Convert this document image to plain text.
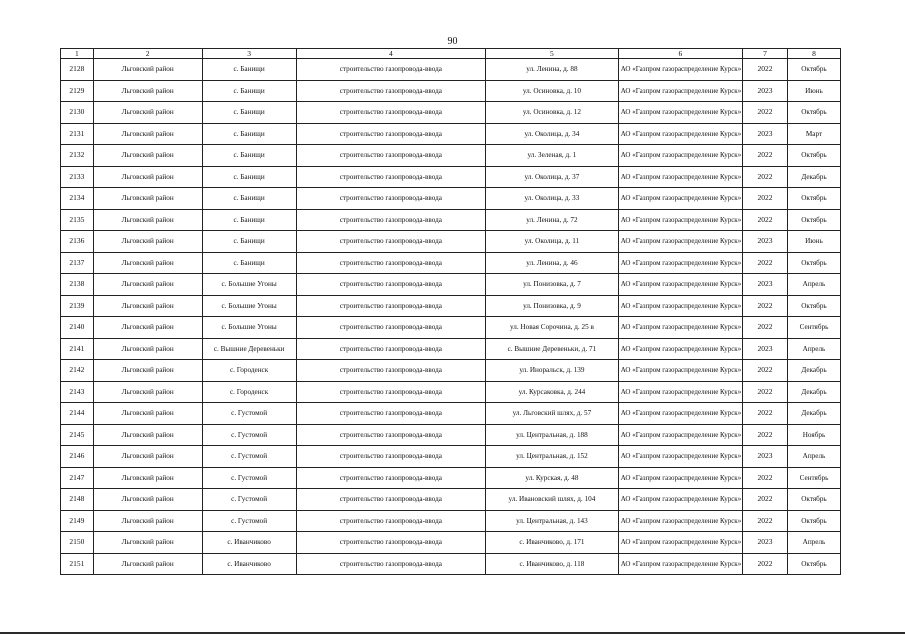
90
1	2	3	4	5	6	7	8
2128	Льговский район	с. Банищи	строительство газопровода-ввода	ул. Ленина, д. 88	АО «Газпром газораспределение Курск»	2022	Октябрь
2129	Льговский район	с. Банищи	строительство газопровода-ввода	ул. Осиновка, д. 10	АО «Газпром газораспределение Курск»	2023	Июнь
2130	Льговский район	с. Банищи	строительство газопровода-ввода	ул. Осиновка, д. 12	АО «Газпром газораспределение Курск»	2022	Октябрь
2131	Льговский район	с. Банищи	строительство газопровода-ввода	ул. Околица, д. 34	АО «Газпром газораспределение Курск»	2023	Март
2132	Льговский район	с. Банищи	строительство газопровода-ввода	ул. Зеленая, д. 1	АО «Газпром газораспределение Курск»	2022	Октябрь
2133	Льговский район	с. Банищи	строительство газопровода-ввода	ул. Околица, д. 37	АО «Газпром газораспределение Курск»	2022	Декабрь
2134	Льговский район	с. Банищи	строительство газопровода-ввода	ул. Околица, д. 33	АО «Газпром газораспределение Курск»	2022	Октябрь
2135	Льговский район	с. Банищи	строительство газопровода-ввода	ул. Ленина, д. 72	АО «Газпром газораспределение Курск»	2022	Октябрь
2136	Льговский район	с. Банищи	строительство газопровода-ввода	ул. Околица, д. 11	АО «Газпром газораспределение Курск»	2023	Июнь
2137	Льговский район	с. Банищи	строительство газопровода-ввода	ул. Ленина, д. 46	АО «Газпром газораспределение Курск»	2022	Октябрь
2138	Льговский район	с. Большие Угоны	строительство газопровода-ввода	ул. Понизовка, д. 7	АО «Газпром газораспределение Курск»	2023	Апрель
2139	Льговский район	с. Большие Угоны	строительство газопровода-ввода	ул. Понизовка, д. 9	АО «Газпром газораспределение Курск»	2022	Октябрь
2140	Льговский район	с. Большие Угоны	строительство газопровода-ввода	ул. Новая Сорочина, д. 25 в	АО «Газпром газораспределение Курск»	2022	Сентябрь
2141	Льговский район	с. Вышние Деревеньки	строительство газопровода-ввода	с. Вышние Деревеньки, д. 71	АО «Газпром газораспределение Курск»	2023	Апрель
2142	Льговский район	с. Городенск	строительство газопровода-ввода	ул. Иноральск, д. 139	АО «Газпром газораспределение Курск»	2022	Декабрь
2143	Льговский район	с. Городенск	строительство газопровода-ввода	ул. Курсаковка, д. 244	АО «Газпром газораспределение Курск»	2022	Декабрь
2144	Льговский район	с. Густомой	строительство газопровода-ввода	ул. Льговский шлях, д. 57	АО «Газпром газораспределение Курск»	2022	Декабрь
2145	Льговский район	с. Густомой	строительство газопровода-ввода	ул. Центральная, д. 188	АО «Газпром газораспределение Курск»	2022	Ноябрь
2146	Льговский район	с. Густомой	строительство газопровода-ввода	ул. Центральная, д. 152	АО «Газпром газораспределение Курск»	2023	Апрель
2147	Льговский район	с. Густомой	строительство газопровода-ввода	ул. Курская, д. 48	АО «Газпром газораспределение Курск»	2022	Сентябрь
2148	Льговский район	с. Густомой	строительство газопровода-ввода	ул. Ивановский шлях, д. 104	АО «Газпром газораспределение Курск»	2022	Октябрь
2149	Льговский район	с. Густомой	строительство газопровода-ввода	ул. Центральная, д. 143	АО «Газпром газораспределение Курск»	2022	Октябрь
2150	Льговский район	с. Иванчиково	строительство газопровода-ввода	с. Иванчиково, д. 171	АО «Газпром газораспределение Курск»	2023	Апрель
2151	Льговский район	с. Иванчиково	строительство газопровода-ввода	с. Иванчиково, д. 118	АО «Газпром газораспределение Курск»	2022	Октябрь
